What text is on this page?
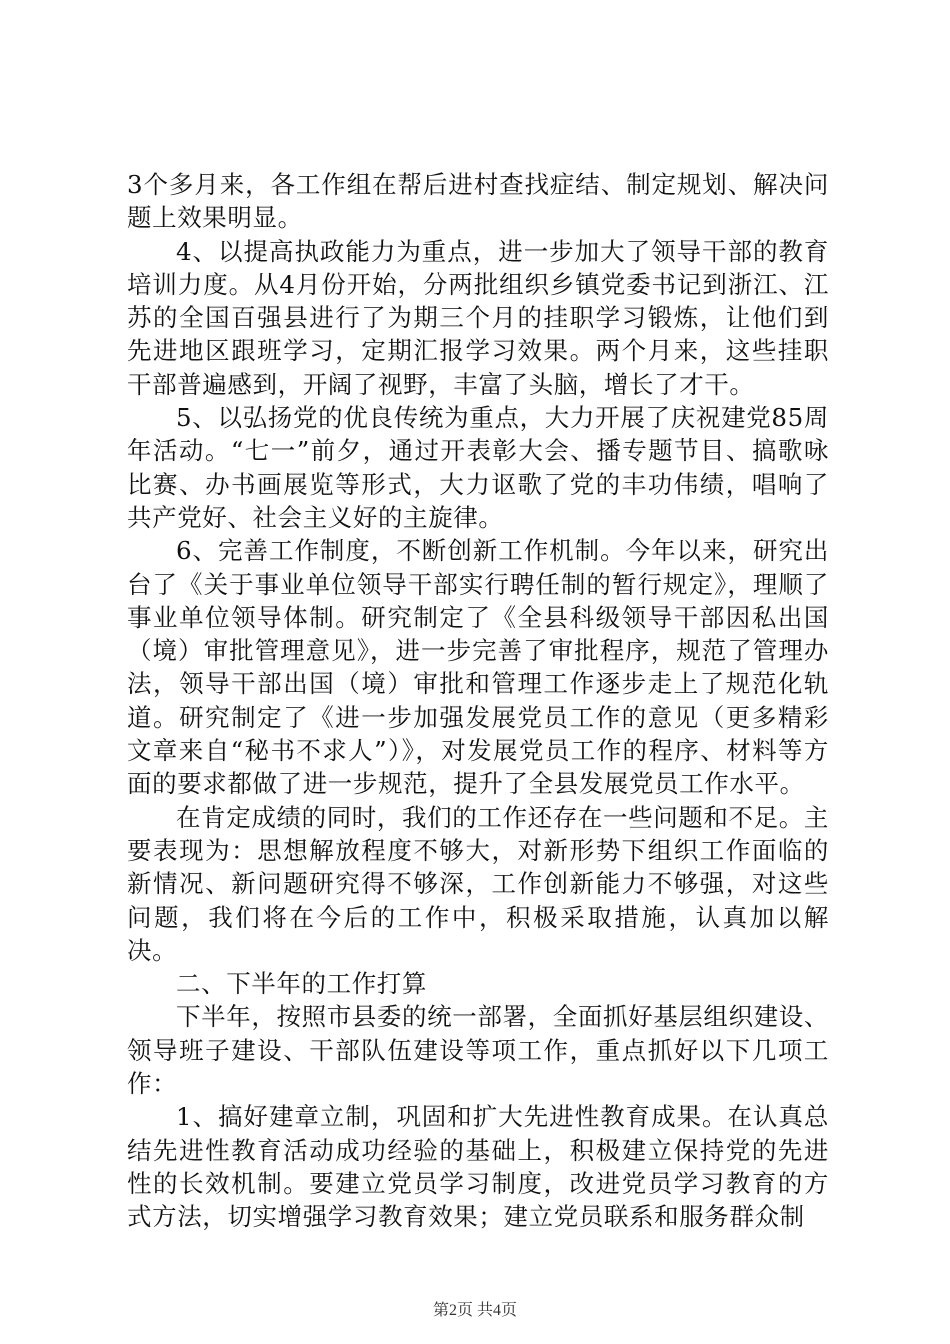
3个多月来，各工作组在帮后进村查找症结、制定规划、解决问题上效果明显。

4、以提高执政能力为重点，进一步加大了领导干部的教育培训力度。从4月份开始，分两批组织乡镇党委书记到浙江、江苏的全国百强县进行了为期三个月的挂职学习锻炼，让他们到先进地区跟班学习，定期汇报学习效果。两个月来，这些挂职干部普遍感到，开阔了视野，丰富了头脑，增长了才干。

5、以弘扬党的优良传统为重点，大力开展了庆祝建党85周年活动。“七一”前夕，通过开表彰大会、播专题节目、搞歌咏比赛、办书画展览等形式，大力讴歌了党的丰功伟绩，唱响了共产党好、社会主义好的主旋律。

6、完善工作制度，不断创新工作机制。今年以来，研究出台了《关于事业单位领导干部实行聘任制的暂行规定》，理顺了事业单位领导体制。研究制定了《全县科级领导干部因私出国（境）审批管理意见》，进一步完善了审批程序，规范了管理办法，领导干部出国（境）审批和管理工作逐步走上了规范化轨道。研究制定了《进一步加强发展党员工作的意见（更多精彩文章来自“秘书不求人”）》，对发展党员工作的程序、材料等方面的要求都做了进一步规范，提升了全县发展党员工作水平。

在肯定成绩的同时，我们的工作还存在一些问题和不足。主要表现为：思想解放程度不够大，对新形势下组织工作面临的新情况、新问题研究得不够深，工作创新能力不够强，对这些问题，我们将在今后的工作中，积极采取措施，认真加以解决。

二、下半年的工作打算

下半年，按照市县委的统一部署，全面抓好基层组织建设、领导班子建设、干部队伍建设等项工作，重点抓好以下几项工作：

1、搞好建章立制，巩固和扩大先进性教育成果。在认真总结先进性教育活动成功经验的基础上，积极建立保持党的先进性的长效机制。要建立党员学习制度，改进党员学习教育的方式方法，切实增强学习教育效果；建立党员联系和服务群众制

第2页 共4页
